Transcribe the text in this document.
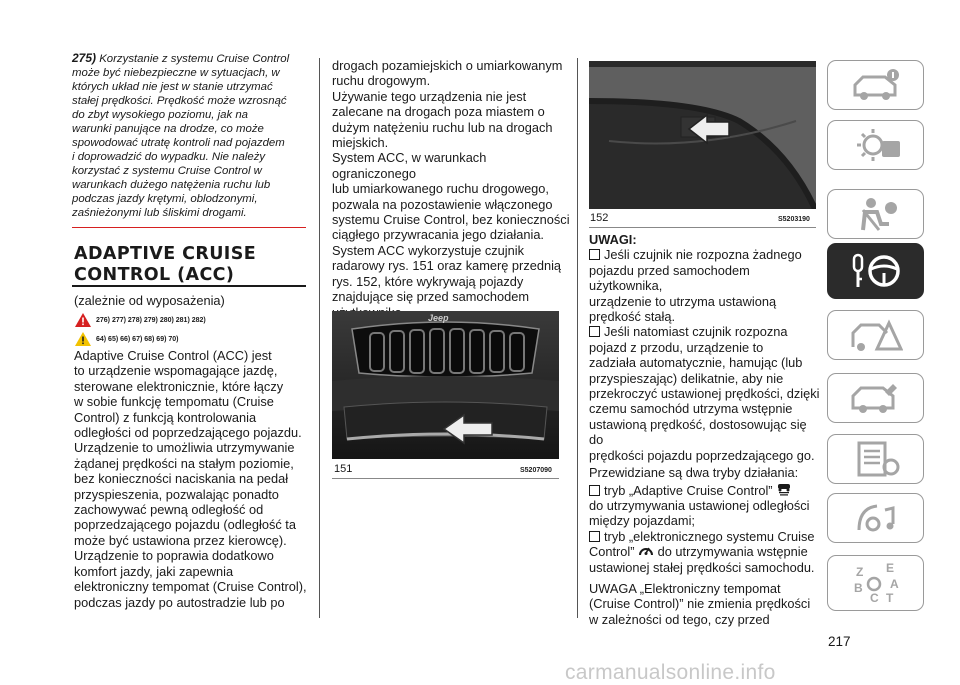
275) Korzystanie z systemu Cruise Control

może być niebezpieczne w sytuacjach, w

których układ nie jest w stanie utrzymać

stałej prędkości. Prędkość może wzrosnąć

do zbyt wysokiego poziomu, jak na

warunki panujące na drodze, co może

spowodować utratę kontroli nad pojazdem

i doprowadzić do wypadku. Nie należy

korzystać z systemu Cruise Control w

warunkach dużego natężenia ruchu lub

podczas jazdy krętymi, oblodzonymi,

zaśnieżonymi lub śliskimi drogami.

ADAPTIVE CRUISE
CONTROL (ACC)
(zależnie od wyposażenia)
276) 277) 278) 279) 280) 281) 282)
64) 65) 66) 67) 68) 69) 70)
Adaptive Cruise Control (ACC) jest
to urządzenie wspomagające jazdę,
sterowane elektronicznie, które łączy
w sobie funkcję tempomatu (Cruise
Control) z funkcją kontrolowania
odległości od poprzedzającego pojazdu.
Urządzenie to umożliwia utrzymywanie
żądanej prędkości na stałym poziomie,
bez konieczności naciskania na pedał
przyspieszenia, pozwalając ponadto
zachowywać pewną odległość od
poprzedzającego pojazdu (odległość ta
może być ustawiona przez kierowcę).
Urządzenie to poprawia dodatkowo
komfort jazdy, jaki zapewnia
elektroniczny tempomat (Cruise Control),
podczas jazdy po autostradzie lub po
drogach pozamiejskich o umiarkowanym
ruchu drogowym.
Używanie tego urządzenia nie jest
zalecane na drogach poza miastem o
dużym natężeniu ruchu lub na drogach
miejskich.
System ACC, w warunkach ograniczonego
lub umiarkowanego ruchu drogowego,
pozwala na pozostawienie włączonego
systemu Cruise Control, bez konieczności
ciągłego przywracania jego działania.
System ACC wykorzystuje czujnik
radarowy rys. 151 oraz kamerę przednią
rys. 152, które wykrywają pojazdy
znajdujące się przed samochodem
Jeep
151	S5207090
152	S5203190
UWAGI:
Jeśli czujnik nie rozpozna żadnego
pojazdu przed samochodem użytkownika,
urządzenie to utrzyma ustawioną
prędkość stałą.
Jeśli natomiast czujnik rozpozna
pojazd z przodu, urządzenie to
zadziała automatycznie, hamując (lub
przyspieszając) delikatnie, aby nie
przekroczyć ustawionej prędkości, dzięki
czemu samochód utrzyma wstępnie
ustawioną prędkość, dostosowując się do
prędkości pojazdu poprzedzającego go.
Przewidziane są dwa tryby działania:
tryb „Adaptive Cruise Control”
do utrzymywania ustawionej odległości
między pojazdami;
tryb „elektronicznego systemu Cruise
Control” do utrzymywania wstępnie
ustawionej stałej prędkości samochodu.
UWAGA „Elektroniczny tempomat
(Cruise Control)” nie zmienia prędkości
w zależności od tego, czy przed
Z E
A
B
C T
217
carmanualsonline.info
